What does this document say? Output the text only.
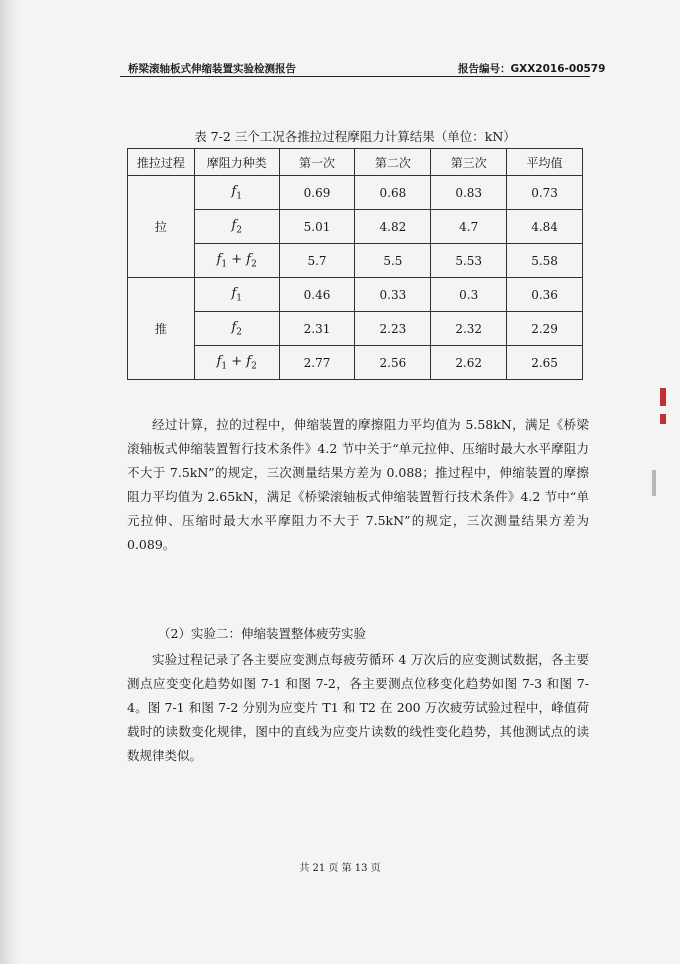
桥梁滚轴板式伸缩装置实验检测报告	报告编号：GXX2016-00579
表 7-2 三个工况各推拉过程摩阻力计算结果（单位：kN）
推拉过程	摩阻力种类	第一次	第二次	第三次	平均值
拉	$f_1$	0.69	0.68	0.83	0.73
	$f_2$	5.01	4.82	4.7	4.84
	$f_1 + f_2$	5.7	5.5	5.53	5.58
推	$f_1$	0.46	0.33	0.3	0.36
	$f_2$	2.31	2.23	2.32	2.29
	$f_1 + f_2$	2.77	2.56	2.62	2.65

经过计算，拉的过程中，伸缩装置的摩擦阻力平均值为 5.58kN，满足《桥梁滚轴板式伸缩装置暂行技术条件》4.2 节中关于“单元拉伸、压缩时最大水平摩阻力不大于 7.5kN”的规定，三次测量结果方差为 0.088；推过程中，伸缩装置的摩擦阻力平均值为 2.65kN，满足《桥梁滚轴板式伸缩装置暂行技术条件》4.2 节中“单元拉伸、压缩时最大水平摩阻力不大于 7.5kN”的规定，三次测量结果方差为 0.089。

（2）实验二：伸缩装置整体疲劳实验

实验过程记录了各主要应变测点每疲劳循环 4 万次后的应变测试数据，各主要测点应变变化趋势如图 7-1 和图 7-2，各主要测点位移变化趋势如图 7-3 和图 7-4。图 7-1 和图 7-2 分别为应变片 T1 和 T2 在 200 万次疲劳试验过程中，峰值荷载时的读数变化规律，图中的直线为应变片读数的线性变化趋势，其他测试点的读数规律类似。

共 21 页 第 13 页
